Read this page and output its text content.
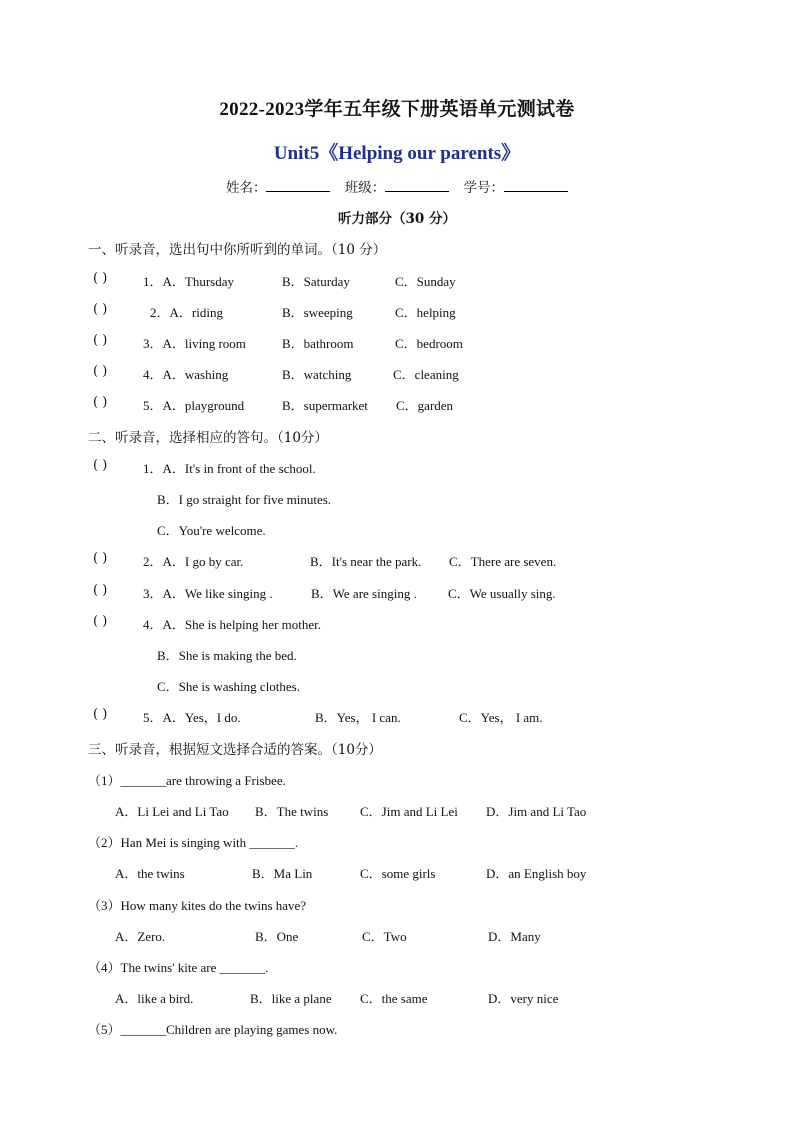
2022-2023学年五年级下册英语单元测试卷
Unit5《Helping our parents》
姓名：	班级：	学号：
听力部分（30 分）
一、听录音，选出句中你所听到的单词。（10 分）
( )	1．A．Thursday	B．Saturday	C．Sunday
( )	2．A．riding	B．sweeping	C．helping
( )	3．A．living room	B．bathroom	C．bedroom
( )	4．A．washing	B．watching	C．cleaning
( )	5．A．playground	B．supermarket C．garden
二、听录音，选择相应的答句。（10分）
( )	1．A．It's in front of the school.
B．I go straight for five minutes.
C．You're welcome.
( )	2．A．I go by car.	B．It's near the park. C．There are seven.
( )	3．A．We like singing .	B．We are singing . C．We usually sing.
( )	4．A．She is helping her mother.
B．She is making the bed.
C．She is washing clothes.
( )	5．A．Yes，I do.	B．Yes， I can.	C．Yes， I am.
三、听录音，根据短文选择合适的答案。（10分）
（1）_______are throwing a Frisbee.
A．Li Lei and Li Tao B．The twins C．Jim and Li Lei D．Jim and Li Tao
（2）Han Mei is singing with _______.
A．the twins	B．Ma Lin	C．some girls	D．an English boy
（3）How many kites do the twins have?
A．Zero.	B．One	C．Two	D．Many
（4）The twins' kite are _______.
A．like a bird.	B．like a plane C．the same	D．very nice
（5）_______Children are playing games now.
